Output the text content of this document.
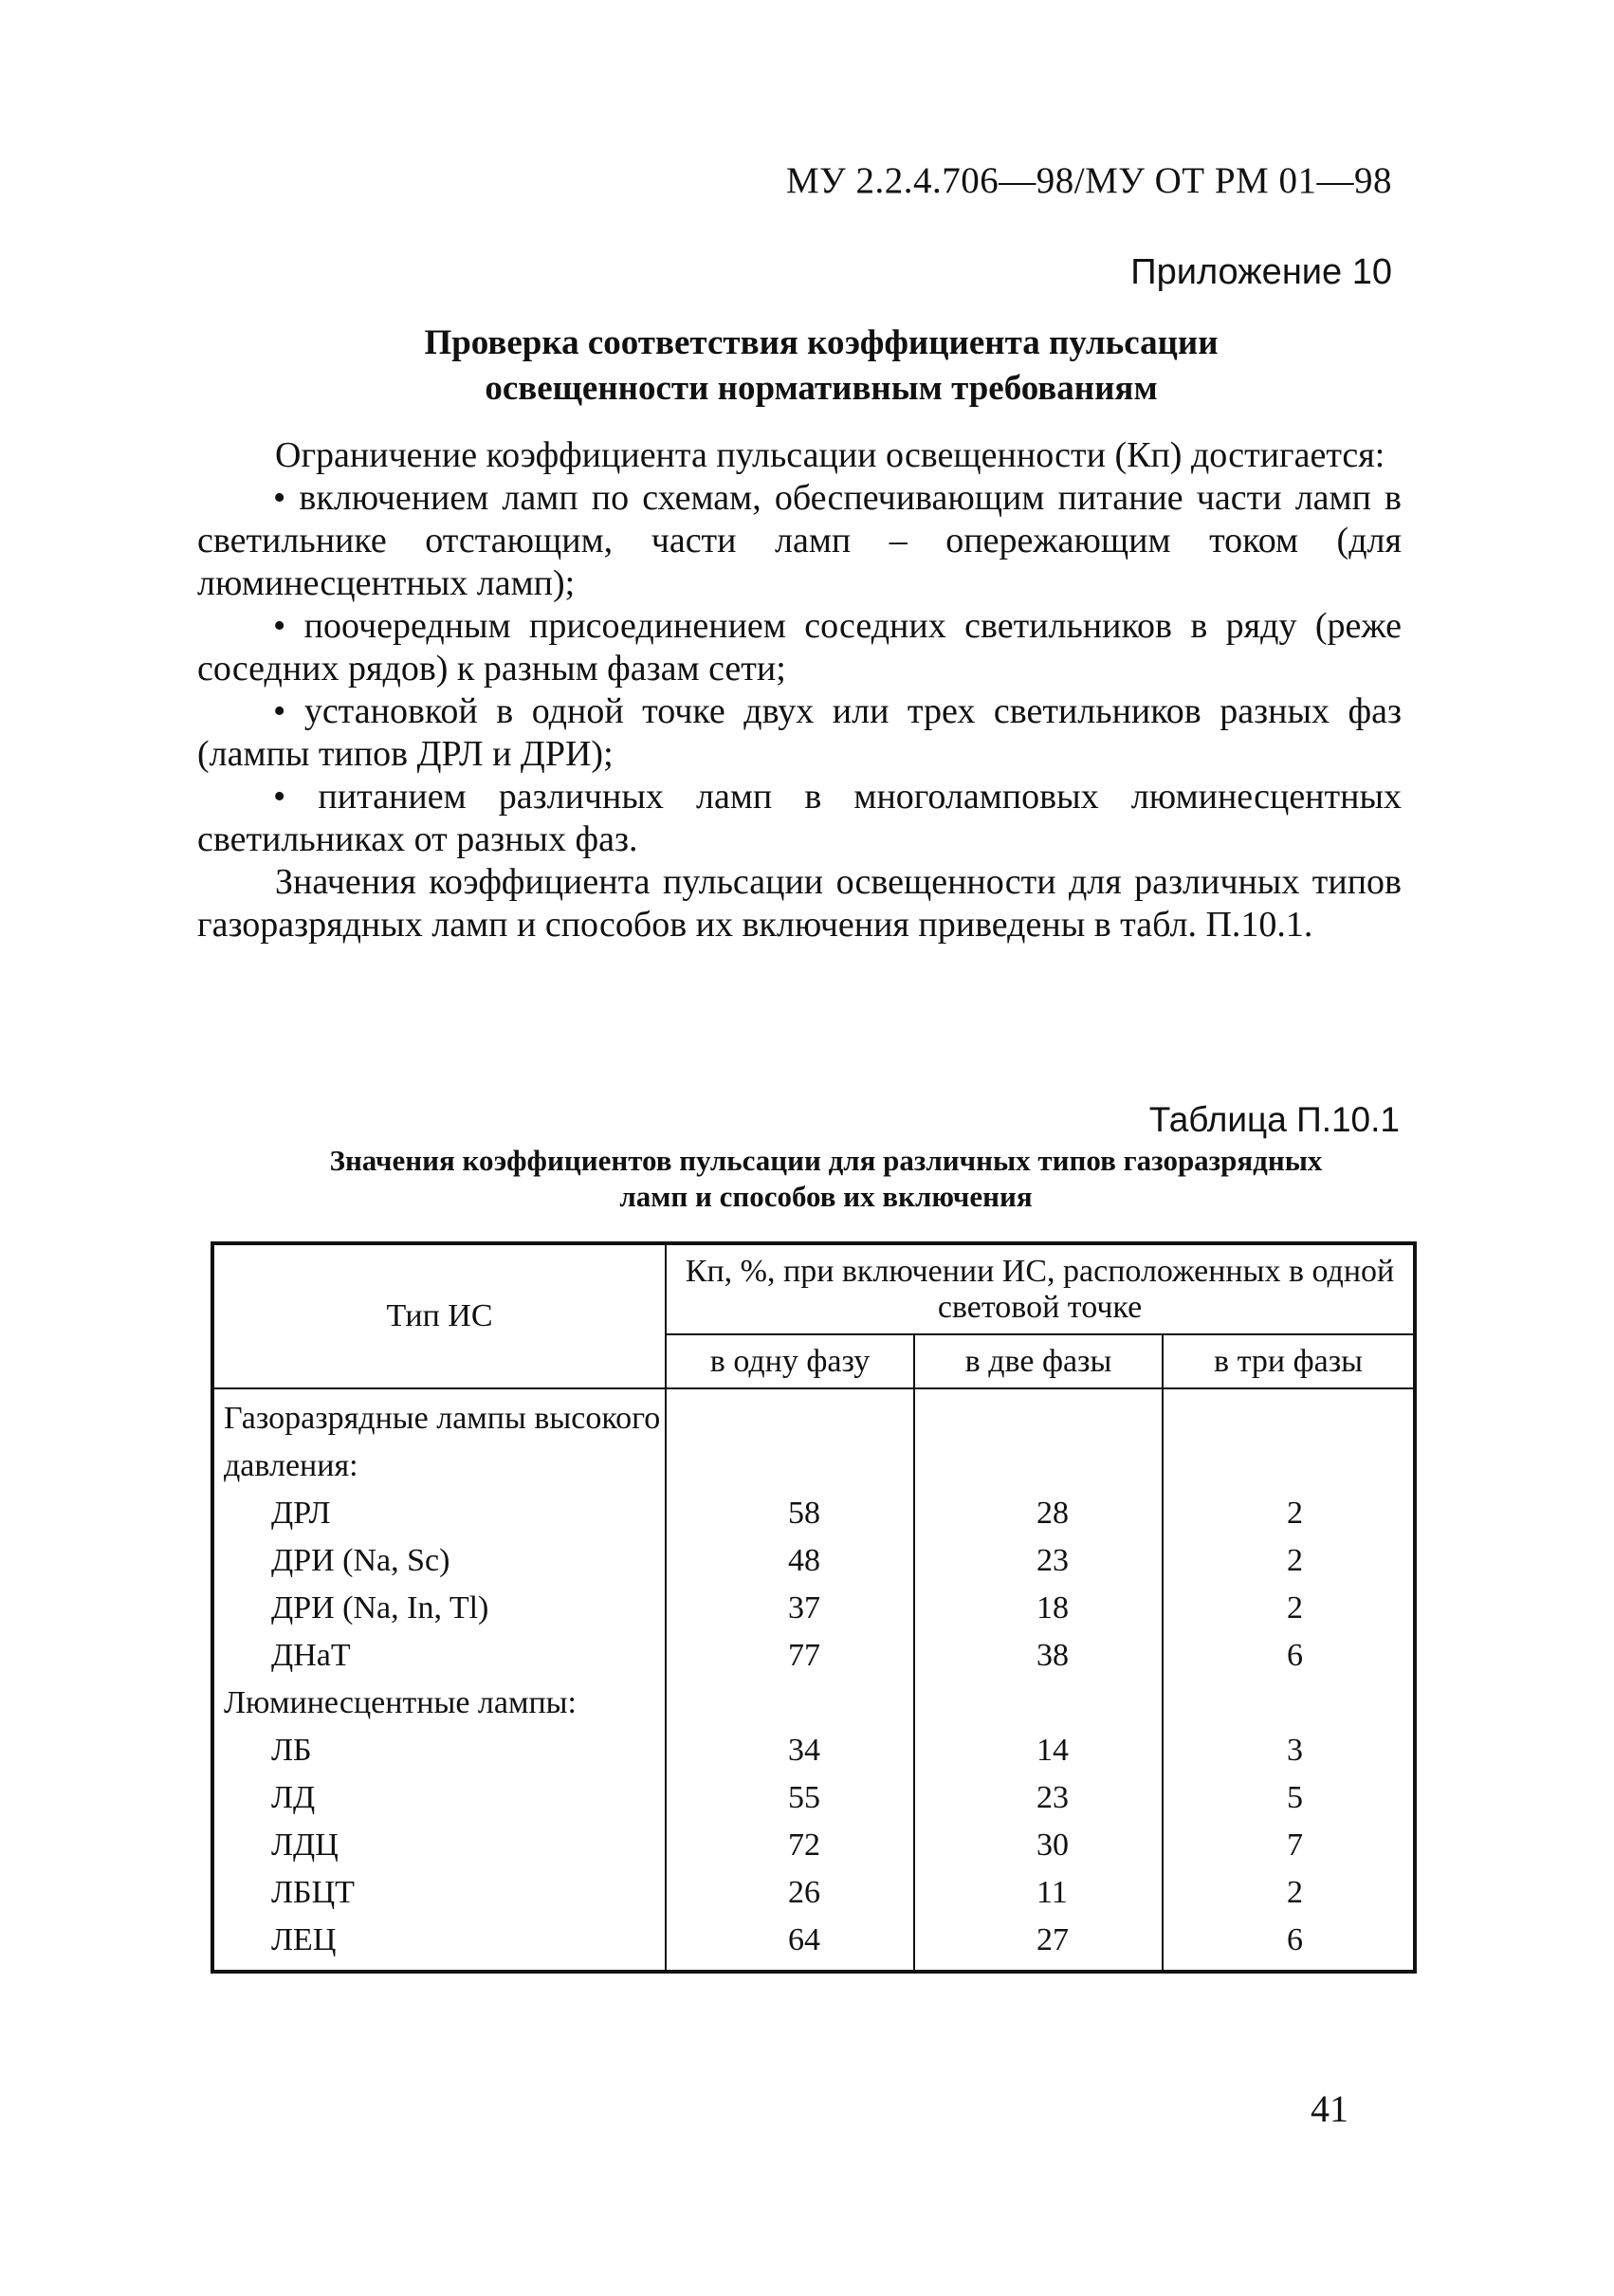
МУ 2.2.4.706—98/МУ ОТ РМ 01—98
Приложение 10
Проверка соответствия коэффициента пульсации
освещенности нормативным требованиям

Ограничение коэффициента пульсации освещенности (Кп) достигается:

• включением ламп по схемам, обеспечивающим питание части ламп в светильнике отстающим, части ламп – опережающим током (для люминесцентных ламп);

• поочередным присоединением соседних светильников в ряду (реже соседних рядов) к разным фазам сети;

• установкой в одной точке двух или трех светильников разных фаз (лампы типов ДРЛ и ДРИ);

• питанием различных ламп в многоламповых люминесцентных светильниках от разных фаз.

Значения коэффициента пульсации освещенности для различных типов газоразрядных ламп и способов их включения приведены в табл. П.10.1.

Таблица П.10.1
Значения коэффициентов пульсации для различных типов газоразрядных
ламп и способов их включения
Тип ИС	Кп, %, при включении ИС, расположенных в одной световой точке		
	в одну фазу	в две фазы	в три фазы
Газоразрядные лампы высокого давления:			
ДРЛ	58	28	2
ДРИ (Na, Sc)	48	23	2
ДРИ (Na, In, Tl)	37	18	2
ДНаТ	77	38	6
Люминесцентные лампы:			
ЛБ	34	14	3
ЛД	55	23	5
ЛДЦ	72	30	7
ЛБЦТ	26	11	2
ЛЕЦ	64	27	6
41
